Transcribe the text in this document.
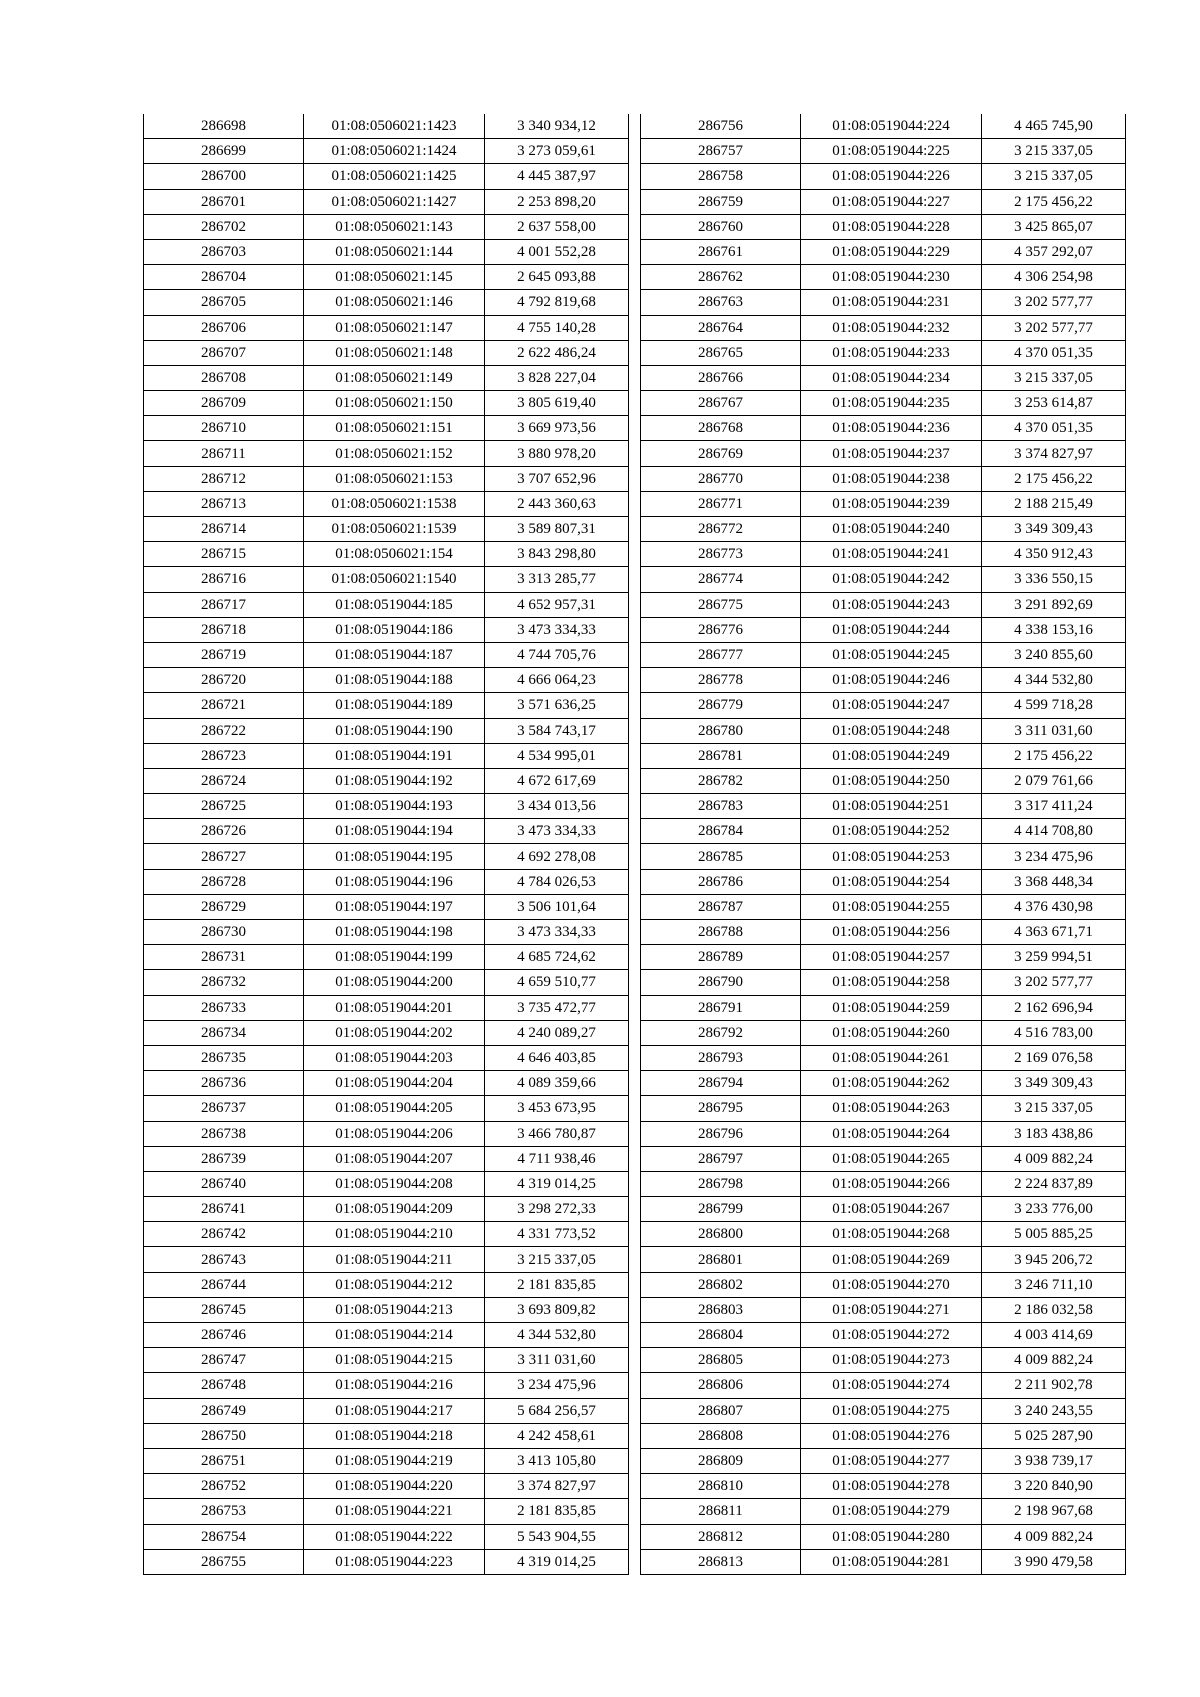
286698	01:08:0506021:1423	3 340 934,12
286699	01:08:0506021:1424	3 273 059,61
286700	01:08:0506021:1425	4 445 387,97
286701	01:08:0506021:1427	2 253 898,20
286702	01:08:0506021:143	2 637 558,00
286703	01:08:0506021:144	4 001 552,28
286704	01:08:0506021:145	2 645 093,88
286705	01:08:0506021:146	4 792 819,68
286706	01:08:0506021:147	4 755 140,28
286707	01:08:0506021:148	2 622 486,24
286708	01:08:0506021:149	3 828 227,04
286709	01:08:0506021:150	3 805 619,40
286710	01:08:0506021:151	3 669 973,56
286711	01:08:0506021:152	3 880 978,20
286712	01:08:0506021:153	3 707 652,96
286713	01:08:0506021:1538	2 443 360,63
286714	01:08:0506021:1539	3 589 807,31
286715	01:08:0506021:154	3 843 298,80
286716	01:08:0506021:1540	3 313 285,77
286717	01:08:0519044:185	4 652 957,31
286718	01:08:0519044:186	3 473 334,33
286719	01:08:0519044:187	4 744 705,76
286720	01:08:0519044:188	4 666 064,23
286721	01:08:0519044:189	3 571 636,25
286722	01:08:0519044:190	3 584 743,17
286723	01:08:0519044:191	4 534 995,01
286724	01:08:0519044:192	4 672 617,69
286725	01:08:0519044:193	3 434 013,56
286726	01:08:0519044:194	3 473 334,33
286727	01:08:0519044:195	4 692 278,08
286728	01:08:0519044:196	4 784 026,53
286729	01:08:0519044:197	3 506 101,64
286730	01:08:0519044:198	3 473 334,33
286731	01:08:0519044:199	4 685 724,62
286732	01:08:0519044:200	4 659 510,77
286733	01:08:0519044:201	3 735 472,77
286734	01:08:0519044:202	4 240 089,27
286735	01:08:0519044:203	4 646 403,85
286736	01:08:0519044:204	4 089 359,66
286737	01:08:0519044:205	3 453 673,95
286738	01:08:0519044:206	3 466 780,87
286739	01:08:0519044:207	4 711 938,46
286740	01:08:0519044:208	4 319 014,25
286741	01:08:0519044:209	3 298 272,33
286742	01:08:0519044:210	4 331 773,52
286743	01:08:0519044:211	3 215 337,05
286744	01:08:0519044:212	2 181 835,85
286745	01:08:0519044:213	3 693 809,82
286746	01:08:0519044:214	4 344 532,80
286747	01:08:0519044:215	3 311 031,60
286748	01:08:0519044:216	3 234 475,96
286749	01:08:0519044:217	5 684 256,57
286750	01:08:0519044:218	4 242 458,61
286751	01:08:0519044:219	3 413 105,80
286752	01:08:0519044:220	3 374 827,97
286753	01:08:0519044:221	2 181 835,85
286754	01:08:0519044:222	5 543 904,55
286755	01:08:0519044:223	4 319 014,25
286756	01:08:0519044:224	4 465 745,90
286757	01:08:0519044:225	3 215 337,05
286758	01:08:0519044:226	3 215 337,05
286759	01:08:0519044:227	2 175 456,22
286760	01:08:0519044:228	3 425 865,07
286761	01:08:0519044:229	4 357 292,07
286762	01:08:0519044:230	4 306 254,98
286763	01:08:0519044:231	3 202 577,77
286764	01:08:0519044:232	3 202 577,77
286765	01:08:0519044:233	4 370 051,35
286766	01:08:0519044:234	3 215 337,05
286767	01:08:0519044:235	3 253 614,87
286768	01:08:0519044:236	4 370 051,35
286769	01:08:0519044:237	3 374 827,97
286770	01:08:0519044:238	2 175 456,22
286771	01:08:0519044:239	2 188 215,49
286772	01:08:0519044:240	3 349 309,43
286773	01:08:0519044:241	4 350 912,43
286774	01:08:0519044:242	3 336 550,15
286775	01:08:0519044:243	3 291 892,69
286776	01:08:0519044:244	4 338 153,16
286777	01:08:0519044:245	3 240 855,60
286778	01:08:0519044:246	4 344 532,80
286779	01:08:0519044:247	4 599 718,28
286780	01:08:0519044:248	3 311 031,60
286781	01:08:0519044:249	2 175 456,22
286782	01:08:0519044:250	2 079 761,66
286783	01:08:0519044:251	3 317 411,24
286784	01:08:0519044:252	4 414 708,80
286785	01:08:0519044:253	3 234 475,96
286786	01:08:0519044:254	3 368 448,34
286787	01:08:0519044:255	4 376 430,98
286788	01:08:0519044:256	4 363 671,71
286789	01:08:0519044:257	3 259 994,51
286790	01:08:0519044:258	3 202 577,77
286791	01:08:0519044:259	2 162 696,94
286792	01:08:0519044:260	4 516 783,00
286793	01:08:0519044:261	2 169 076,58
286794	01:08:0519044:262	3 349 309,43
286795	01:08:0519044:263	3 215 337,05
286796	01:08:0519044:264	3 183 438,86
286797	01:08:0519044:265	4 009 882,24
286798	01:08:0519044:266	2 224 837,89
286799	01:08:0519044:267	3 233 776,00
286800	01:08:0519044:268	5 005 885,25
286801	01:08:0519044:269	3 945 206,72
286802	01:08:0519044:270	3 246 711,10
286803	01:08:0519044:271	2 186 032,58
286804	01:08:0519044:272	4 003 414,69
286805	01:08:0519044:273	4 009 882,24
286806	01:08:0519044:274	2 211 902,78
286807	01:08:0519044:275	3 240 243,55
286808	01:08:0519044:276	5 025 287,90
286809	01:08:0519044:277	3 938 739,17
286810	01:08:0519044:278	3 220 840,90
286811	01:08:0519044:279	2 198 967,68
286812	01:08:0519044:280	4 009 882,24
286813	01:08:0519044:281	3 990 479,58
